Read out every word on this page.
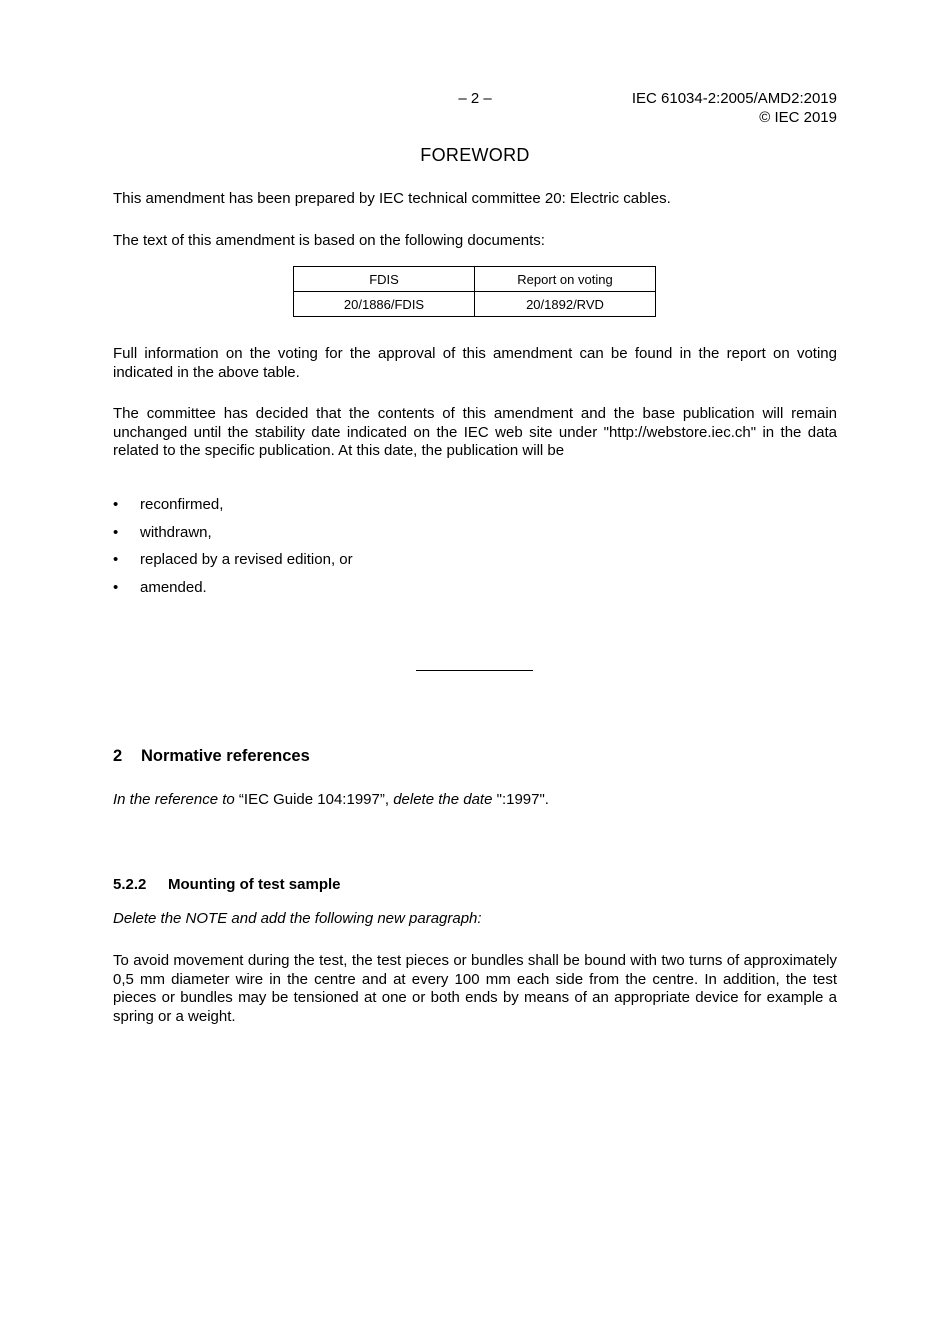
– 2 –	IEC 61034-2:2005/AMD2:2019
© IEC 2019
FOREWORD
This amendment has been prepared by IEC technical committee 20: Electric cables.
The text of this amendment is based on the following documents:
FDIS	Report on voting
20/1886/FDIS	20/1892/RVD
Full information on the voting for the approval of this amendment can be found in the report on voting indicated in the above table.
The committee has decided that the contents of this amendment and the base publication will remain unchanged until the stability date indicated on the IEC web site under "http://webstore.iec.ch" in the data related to the specific publication. At this date, the publication will be
• reconfirmed,
• withdrawn,
• replaced by a revised edition, or
• amended.
2 Normative references
In the reference to “IEC Guide 104:1997”, delete the date ":1997".
5.2.2 Mounting of test sample
Delete the NOTE and add the following new paragraph:
To avoid movement during the test, the test pieces or bundles shall be bound with two turns of approximately 0,5 mm diameter wire in the centre and at every 100 mm each side from the centre. In addition, the test pieces or bundles may be tensioned at one or both ends by means of an appropriate device for example a spring or a weight.
